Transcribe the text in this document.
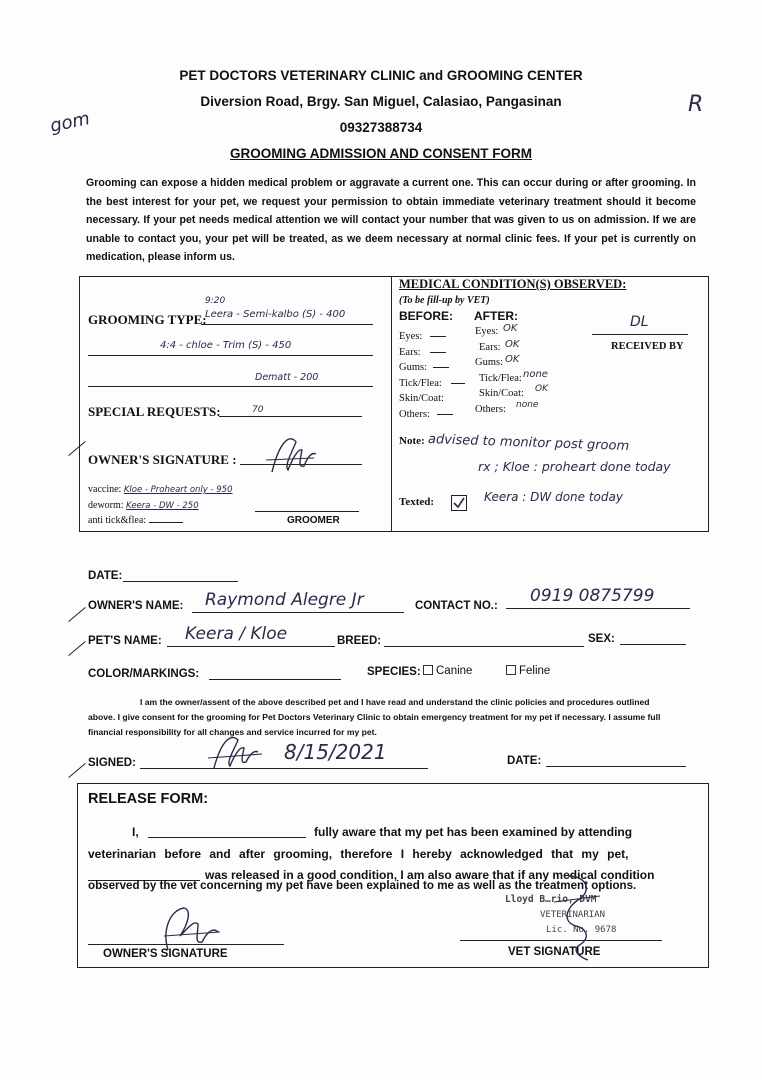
PET DOCTORS VETERINARY CLINIC and GROOMING CENTER
Diversion Road, Brgy. San Miguel, Calasiao, Pangasinan
09327388734
GROOMING ADMISSION AND CONSENT FORM
gom
R
Grooming can expose a hidden medical problem or aggravate a current one. This can occur during or after grooming. In the best interest for your pet, we request your permission to obtain immediate veterinary treatment should it become necessary. If your pet needs medical attention we will contact your number that was given to us on admission. If we are unable to contact you, your pet will be treated, as we deem necessary at normal clinic fees. If your pet is currently on medication, please inform us.
GROOMING TYPE:
9:20
Leera - Semi-kalbo (S) - 400
4:4 - chloe - Trim (S) - 450
Dematt - 200
SPECIAL REQUESTS:	70
OWNER'S SIGNATURE :
vaccine: Kloe - Proheart only - 950
deworm: Keera - DW - 250
anti tick&flea:	GROOMER
MEDICAL CONDITION(S) OBSERVED:
(To be fill-up by VET)
BEFORE: AFTER:
Eyes:	Eyes: OK
Ears:	Ears: OK
Gums:	Gums: OK
Tick/Flea:	Tick/Flea: none
Skin/Coat:	Skin/Coat: OK
Others:	Others: none
DL
RECEIVED BY
Note: advised to monitor post groom
rx ; Kloe : proheart done today
Keera : DW done today
Texted:
DATE:
OWNER'S NAME: Raymond Alegre Jr	CONTACT NO.: 0919 0875799
PET'S NAME: Keera / Kloe	BREED:	SEX:
COLOR/MARKINGS:	SPECIES:	Canine	Feline
I am the owner/assent of the above described pet and I have read and understand the clinic policies and procedures outlined
above. I give consent for the grooming for Pet Doctors Veterinary Clinic to obtain emergency treatment for my pet if necessary. I assume full
financial responsibility for all changes and service incurred for my pet.
SIGNED:	8/15/2021	DATE:
RELEASE FORM:
I,	fully aware that my pet has been examined by attending
veterinarian before and after grooming, therefore I hereby acknowledged that my pet,
was released in a good condition, I am also aware that if any medical condition
observed by the vet concerning my pet have been explained to me as well as the treatment options.
OWNER'S SIGNATURE	VET SIGNATURE
Lloyd B…rio, DVM
VETERINARIAN
Lic. No. 9678
